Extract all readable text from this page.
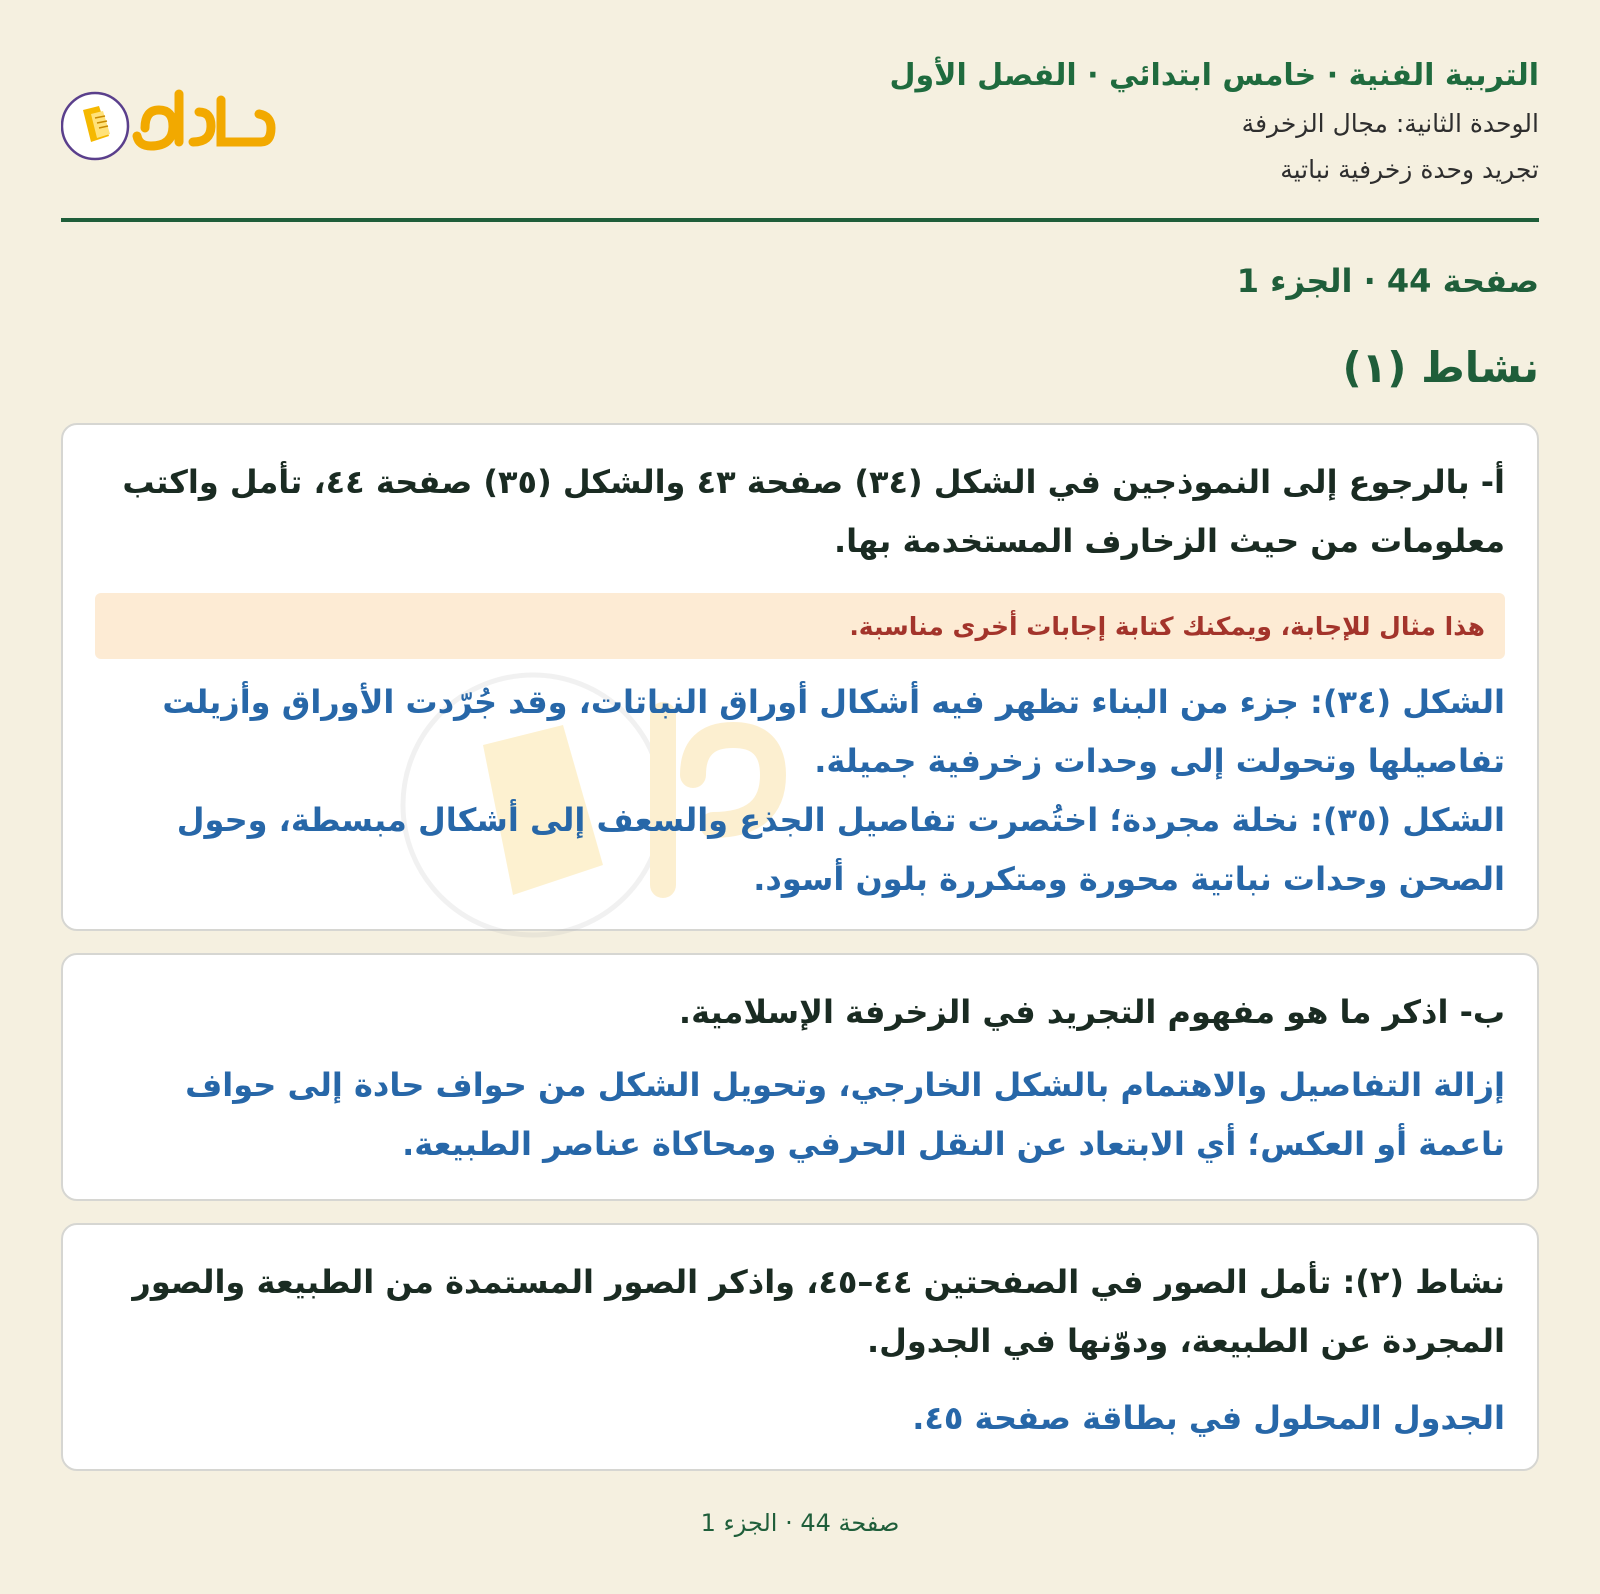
التربية الفنية · خامس ابتدائي · الفصل الأول
الوحدة الثانية: مجال الزخرفة
تجريد وحدة زخرفية نباتية
صفحة 44 · الجزء 1
نشاط (١)
أ- بالرجوع إلى النموذجين في الشكل (٣٤) صفحة ٤٣ والشكل (٣٥) صفحة ٤٤، تأمل واكتب معلومات من حيث الزخارف المستخدمة بها.
هذا مثال للإجابة، ويمكنك كتابة إجابات أخرى مناسبة.
الشكل (٣٤): جزء من البناء تظهر فيه أشكال أوراق النباتات، وقد جُرّدت الأوراق وأزيلت تفاصيلها وتحولت إلى وحدات زخرفية جميلة.
الشكل (٣٥): نخلة مجردة؛ اختُصرت تفاصيل الجذع والسعف إلى أشكال مبسطة، وحول الصحن وحدات نباتية محورة ومتكررة بلون أسود.
ب- اذكر ما هو مفهوم التجريد في الزخرفة الإسلامية.
إزالة التفاصيل والاهتمام بالشكل الخارجي، وتحويل الشكل من حواف حادة إلى حواف ناعمة أو العكس؛ أي الابتعاد عن النقل الحرفي ومحاكاة عناصر الطبيعة.
نشاط (٢): تأمل الصور في الصفحتين ٤٤–٤٥، واذكر الصور المستمدة من الطبيعة والصور المجردة عن الطبيعة، ودوّنها في الجدول.
الجدول المحلول في بطاقة صفحة ٤٥.
صفحة 44 · الجزء 1
